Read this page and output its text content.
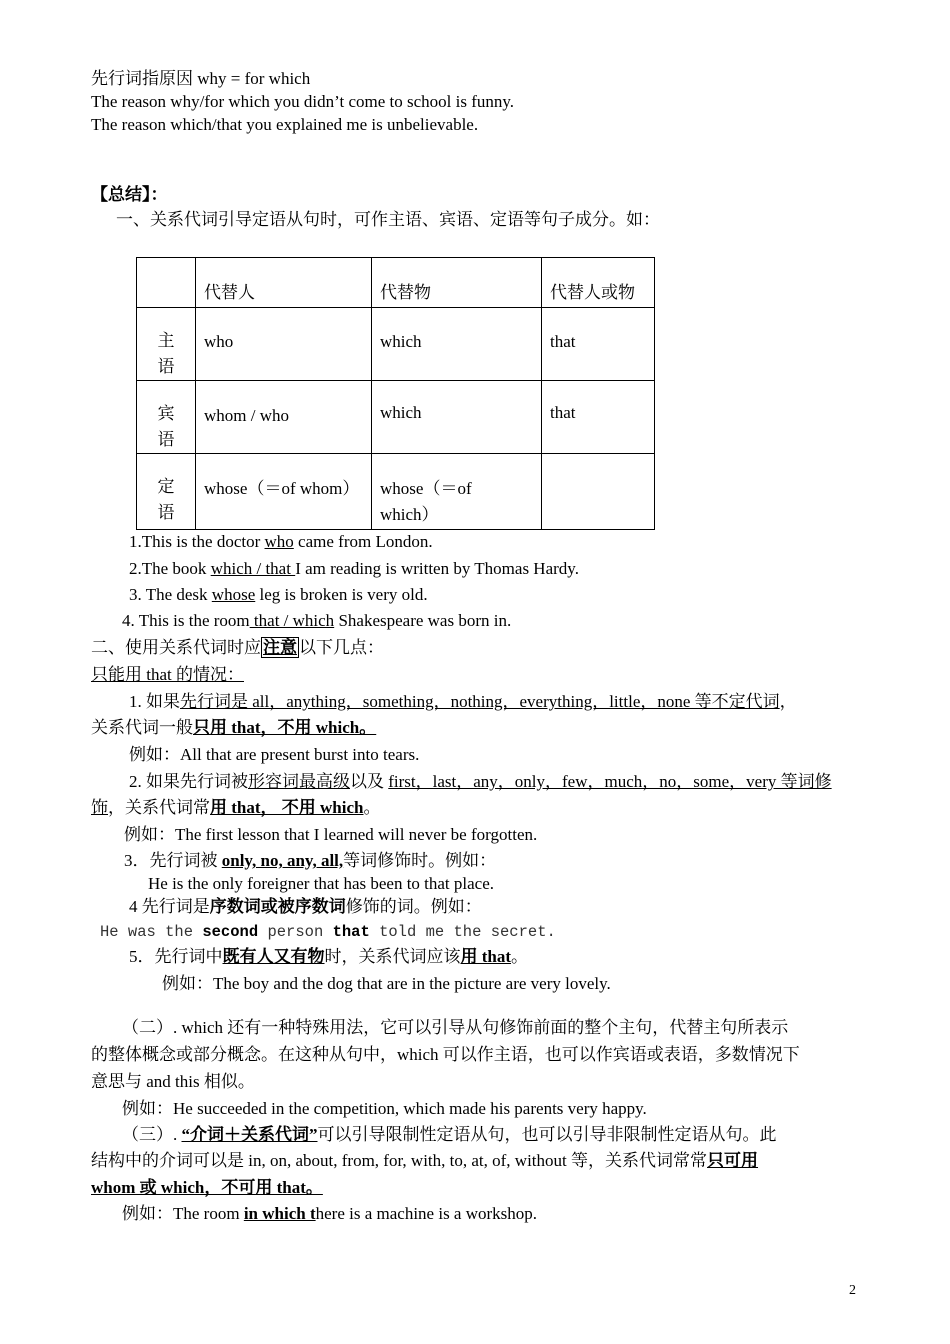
先行词指原因 why = for which
The reason why/for which you didn’t come to school is funny.
The reason which/that you explained me is unbelievable.
【总结】：
一、关系代词引导定语从句时，可作主语、宾语、定语等句子成分。如：
	代替人	代替物	代替人或物
主
语	who	which	that
宾
语	whom / who	which	that
定
语	whose（＝of whom）	whose（＝of
which）	
1.This is the doctor who came from London.
2.The book which / that I am reading is written by Thomas Hardy.
3. The desk whose leg is broken is very old.
4. This is the room that / which Shakespeare was born in.
二、使用关系代词时应 注意 以下几点：
只能用 that 的情况：
1. 如果先行词是 all，anything，something，nothing，everything，little，none 等不定代词，
关系代词一般只用 that，不用 which。
例如：All that are present burst into tears.
2. 如果先行词被形容词最高级以及 first，last，any，only，few，much，no，some，very 等词修
饰，关系代词常用 that， 不用 which。
例如：The first lesson that I learned will never be forgotten.
3．先行词被 only, no, any, all,等词修饰时。例如：
He is the only foreigner that has been to that place.
4 先行词是序数词或被序数词修饰的词。例如：
He was the second person that told me the secret.
5．先行词中既有人又有物时，关系代词应该用 that。
例如：The boy and the dog that are in the picture are very lovely.
（二）. which 还有一种特殊用法，它可以引导从句修饰前面的整个主句，代替主句所表示
的整体概念或部分概念。在这种从句中，which 可以作主语，也可以作宾语或表语，多数情况下
意思与 and this 相似。
例如：He succeeded in the competition, which made his parents very happy.
（三）. “介词＋关系代词”可以引导限制性定语从句，也可以引导非限制性定语从句。此
结构中的介词可以是 in, on, about, from, for, with, to, at, of, without 等，关系代词常常只可用
whom 或 which，不可用 that。
例如：The room in which there is a machine is a workshop.
2
